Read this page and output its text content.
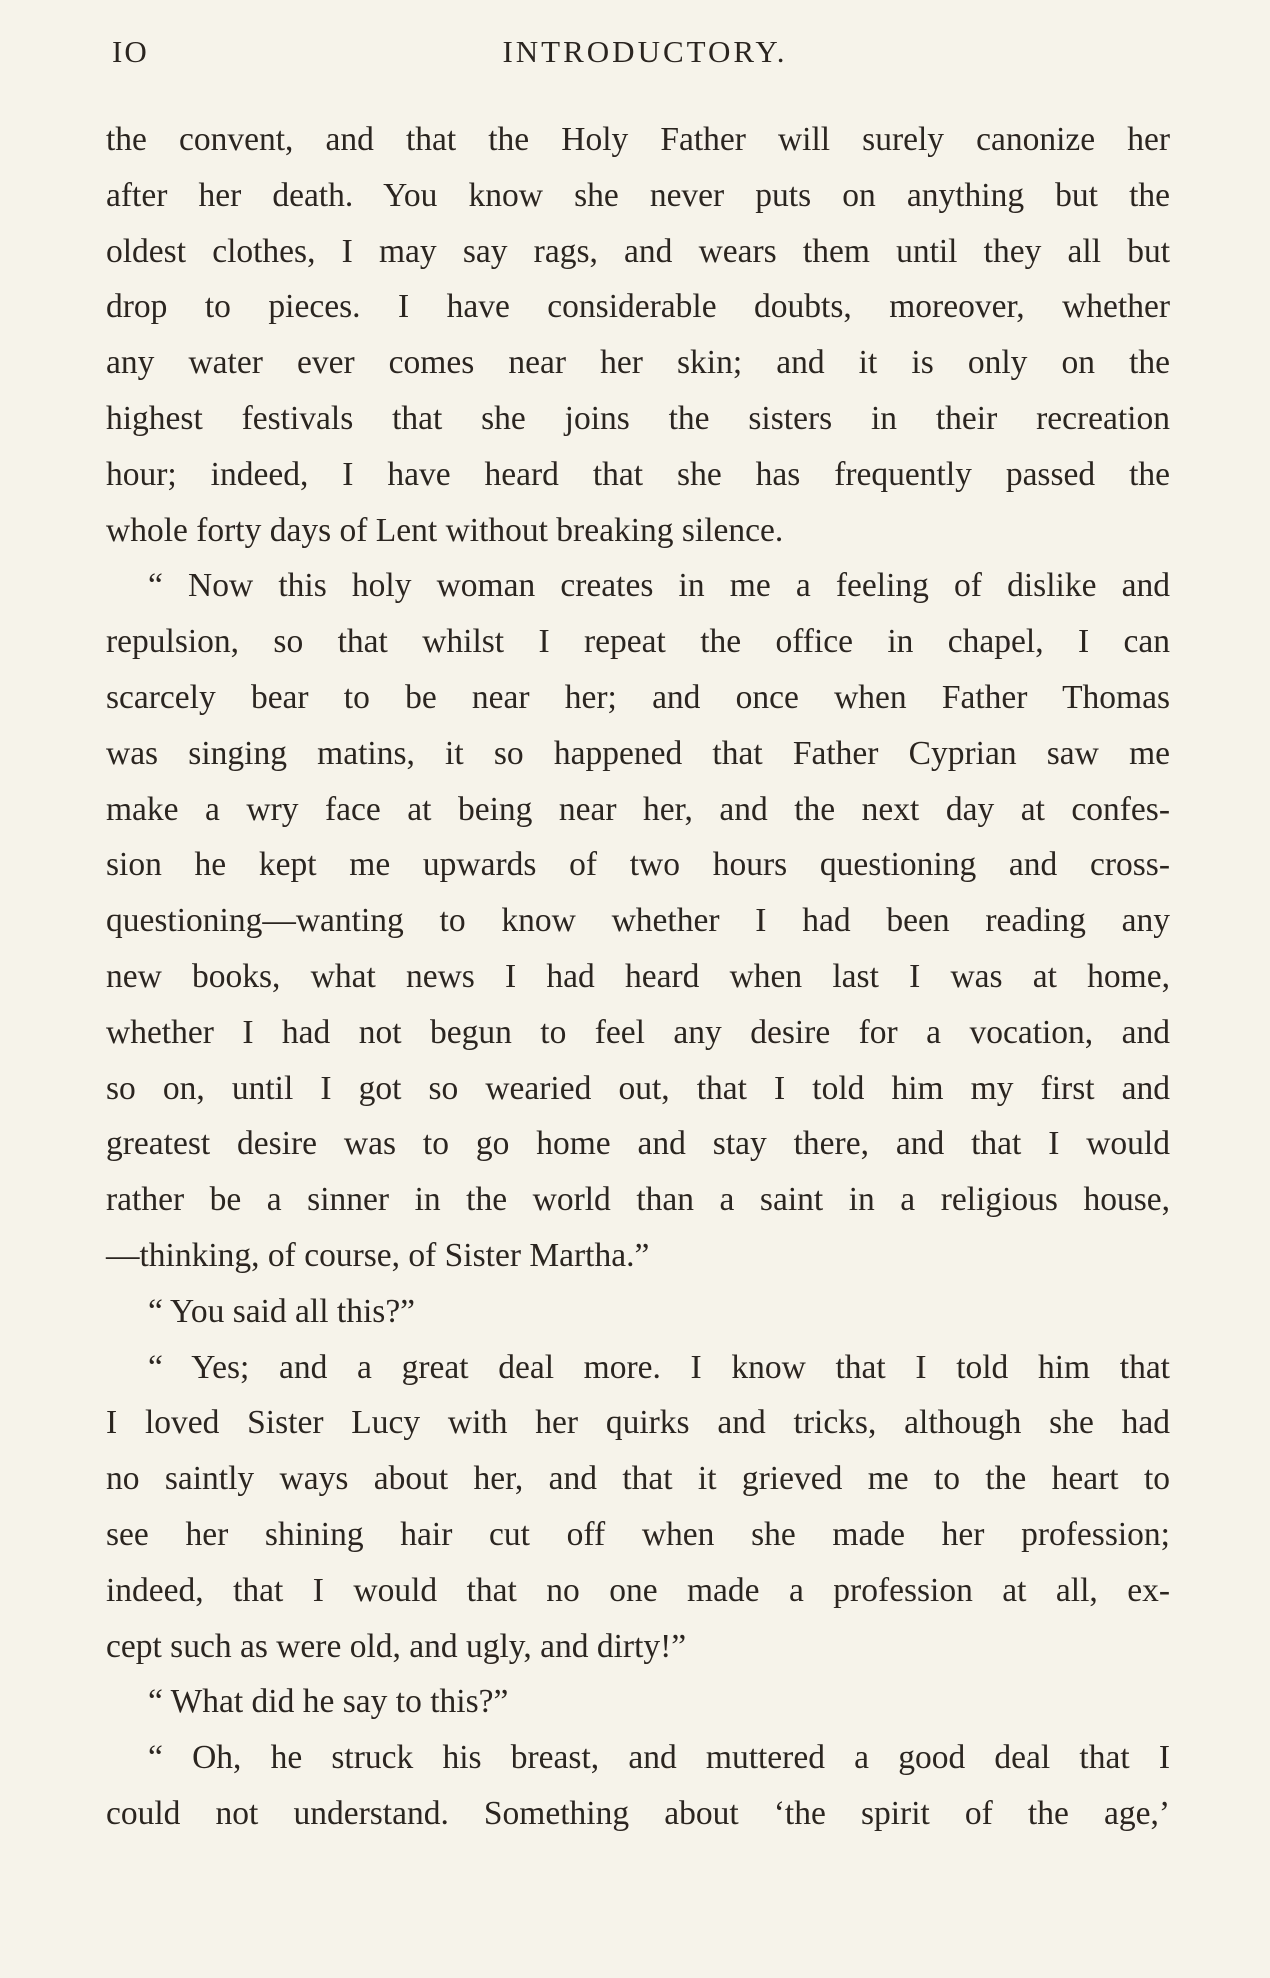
IO	INTRODUCTORY.
the convent, and that the Holy Father will surely canonize her
after her death. You know she never puts on anything but the
oldest clothes, I may say rags, and wears them until they all but
drop to pieces. I have considerable doubts, moreover, whether
any water ever comes near her skin; and it is only on the
highest festivals that she joins the sisters in their recreation
hour; indeed, I have heard that she has frequently passed the
whole forty days of Lent without breaking silence.
“ Now this holy woman creates in me a feeling of dislike and
repulsion, so that whilst I repeat the office in chapel, I can
scarcely bear to be near her; and once when Father Thomas
was singing matins, it so happened that Father Cyprian saw me
make a wry face at being near her, and the next day at confes-
sion he kept me upwards of two hours questioning and cross-
questioning—wanting to know whether I had been reading any
new books, what news I had heard when last I was at home,
whether I had not begun to feel any desire for a vocation, and
so on, until I got so wearied out, that I told him my first and
greatest desire was to go home and stay there, and that I would
rather be a sinner in the world than a saint in a religious house,
—thinking, of course, of Sister Martha.”
“ You said all this?”
“ Yes; and a great deal more. I know that I told him that
I loved Sister Lucy with her quirks and tricks, although she had
no saintly ways about her, and that it grieved me to the heart to
see her shining hair cut off when she made her profession;
indeed, that I would that no one made a profession at all, ex-
cept such as were old, and ugly, and dirty!”
“ What did he say to this?”
“ Oh, he struck his breast, and muttered a good deal that I
could not understand. Something about ‘the spirit of the age,’
